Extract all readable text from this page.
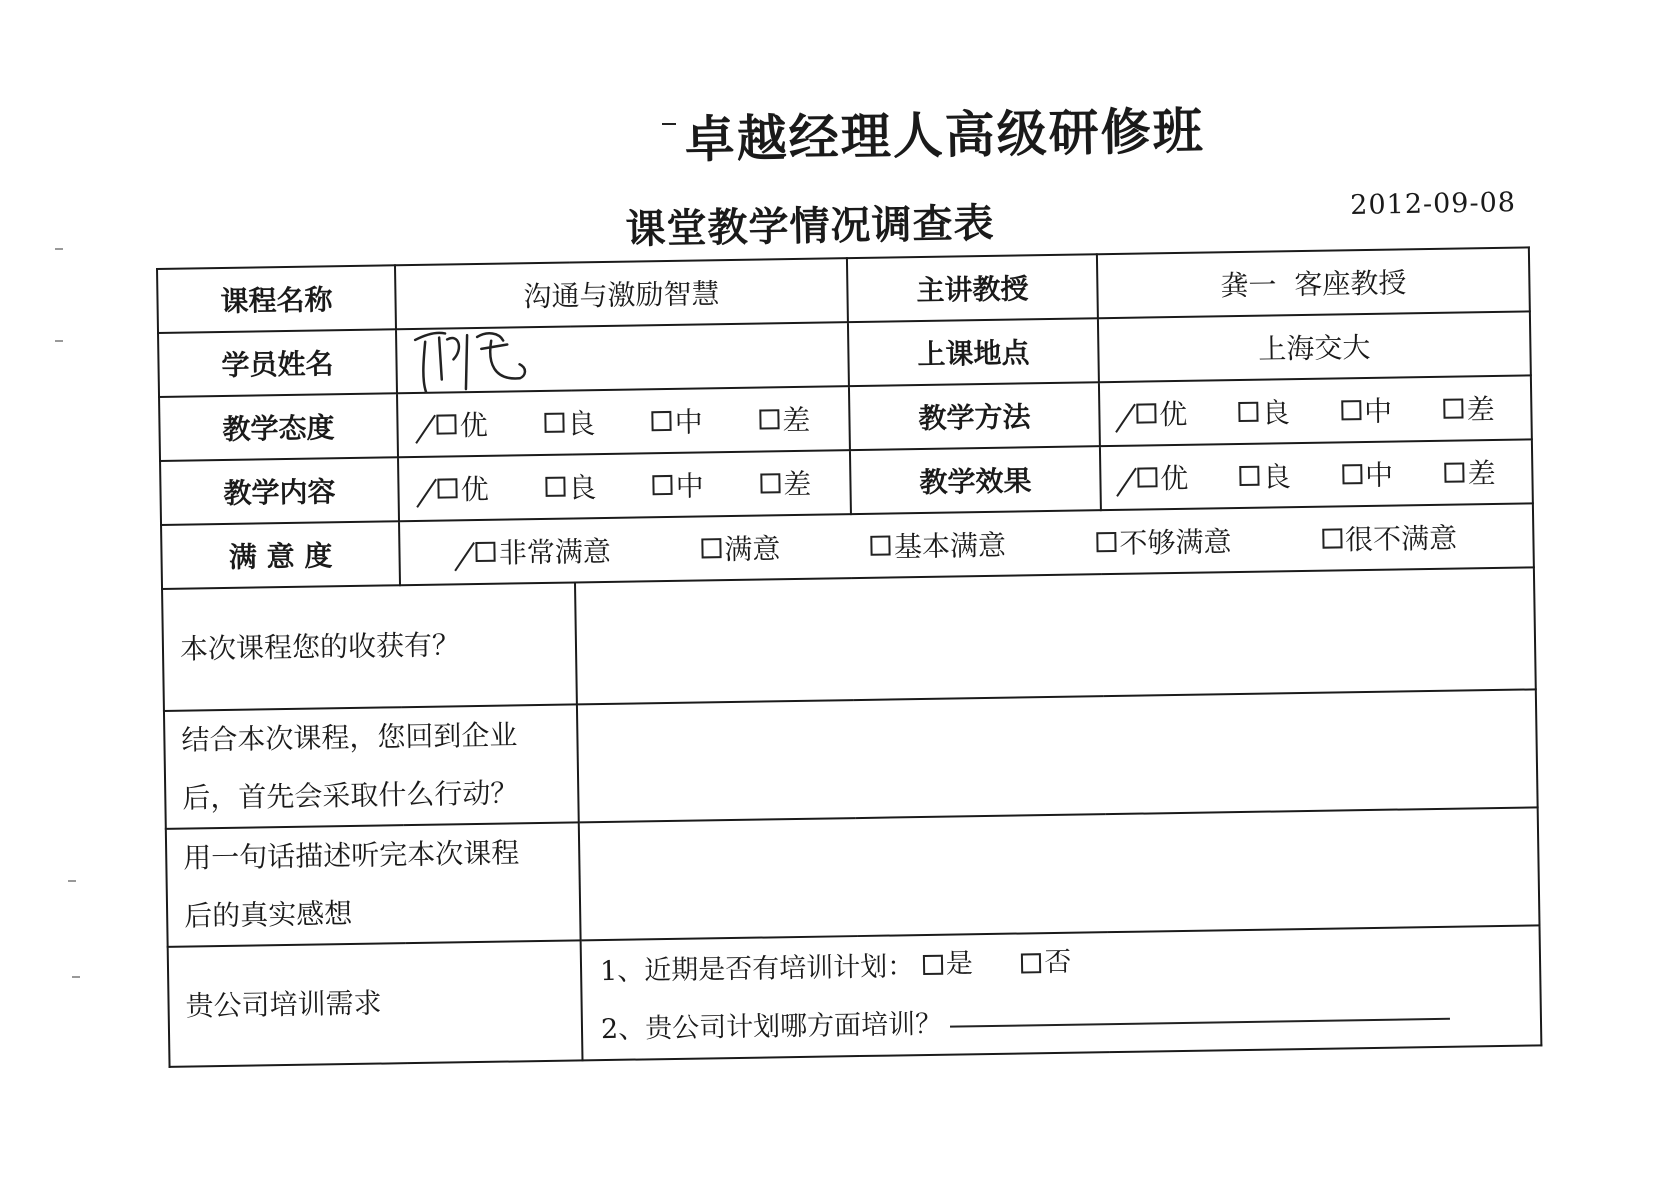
卓越经理人高级研修班
课堂教学情况调查表	2012-09-08
课程名称	沟通与激励智慧		主讲教授	龚一  客座教授
学员姓名			上课地点	上海交大
教学态度	优 良 中 差		教学方法	优 良 中 差

教学内容	优 良 中 差		教学效果	优 良 中 差

满 意 度	非常满意 满意 基本满意 不够满意 很不满意			

本次课程您的收获有？				

结合本次课程，您回到企业
后，首先会采取什么行动？				

用一句话描述听完本次课程
后的真实感想				

贵公司培训需求		1、近期是否有培训计划： 是
否
2、贵公司计划哪方面培训？		
